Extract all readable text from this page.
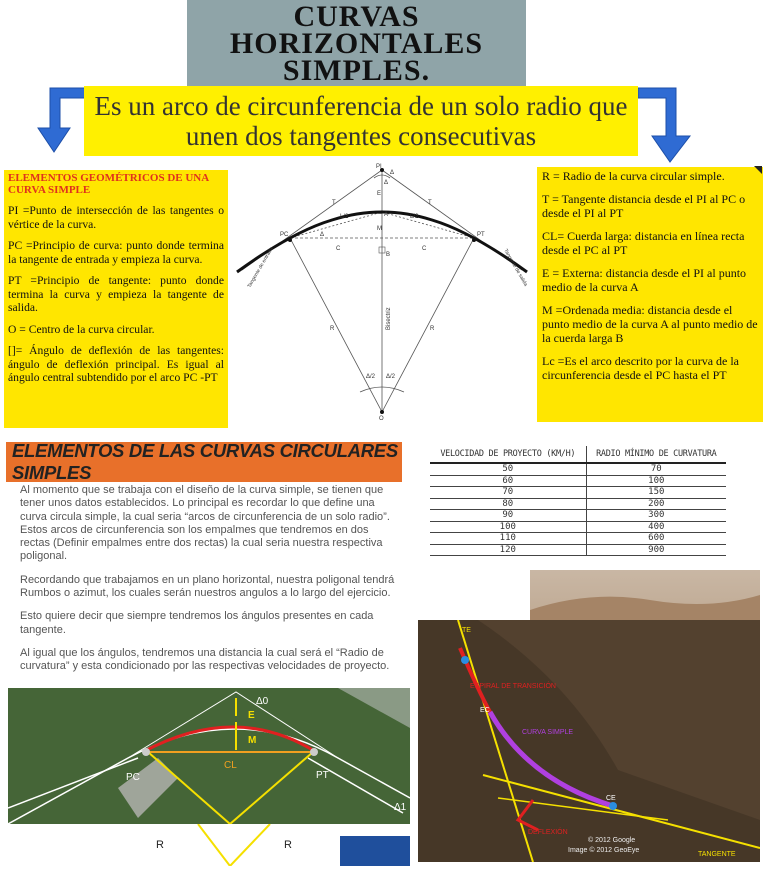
CURVAS HORIZONTALES SIMPLES.
Es un arco de circunferencia de un solo radio que unen dos tangentes consecutivas
ELEMENTOS GEOMÉTRICOS DE UNA CURVA SIMPLE

PI =Punto de intersección de las tangentes o vértice de la curva.

PC =Principio de curva: punto donde termina la tangente de entrada y empieza la curva.

PT =Principio de tangente: punto donde termina la curva y empieza la tangente de salida.

O = Centro de la curva circular.

[]= Ángulo de deflexión de las tangentes: ángulo de deflexión principal. Es igual al ángulo central subtendido por el arco PC -PT

PI
Δ
Δ
PC	PT
T	T
L/2	L/2
E
A
M
B
C	C
Δ
R	R
Δ/2 Δ/2
O
Bisectriz
Tangente de entrada	Tangente de salida

R = Radio de la curva circular simple.

T = Tangente distancia desde el PI al PC o desde el PI al PT

CL= Cuerda larga: distancia en línea recta desde el PC al PT

E = Externa: distancia desde el PI al punto medio de la curva A

M =Ordenada media: distancia desde el punto medio de la curva A al punto medio de la cuerda larga B

Lc =Es el arco descrito por la curva de la circunferencia desde el PC hasta el PT

ELEMENTOS DE LAS CURVAS CIRCULARES SIMPLES

Al momento que se trabaja con el diseño de la curva simple, se tienen que tener unos datos establecidos. Lo principal es recordar lo que define una curva circula simple, la cual seria “arcos de circunferencia de un solo radio”. Estos arcos de circunferencia son los empalmes que tendremos en dos rectas (Definir empalmes entre dos rectas) la cual seria nuestra respectiva poligonal.

Recordando que trabajamos en un plano horizontal, nuestra poligonal tendrá Rumbos o azimut, los cuales serán nuestros angulos a lo largo del ejercicio.

Esto quiere decir que siempre tendremos los ángulos presentes en cada tangente.

Al igual que los ángulos, tendremos una distancia la cual será el “Radio de curvatura” y esta condicionado por las respectivas velocidades de proyecto.

VELOCIDAD DE PROYECTO (KM/H)	RADIO MÍNIMO DE CURVATURA
50	70
60	100
70	150
80	200
90	300
100	400
110	600
120	900
Δ0
Δ1
E
M
CL
PC	PT
R	R
TE
ESPIRAL DE TRANSICIÓN
EC
CURVA SIMPLE
CE
DEFLEXIÓN
TANGENTE
© 2012 Google
Image © 2012 GeoEye
